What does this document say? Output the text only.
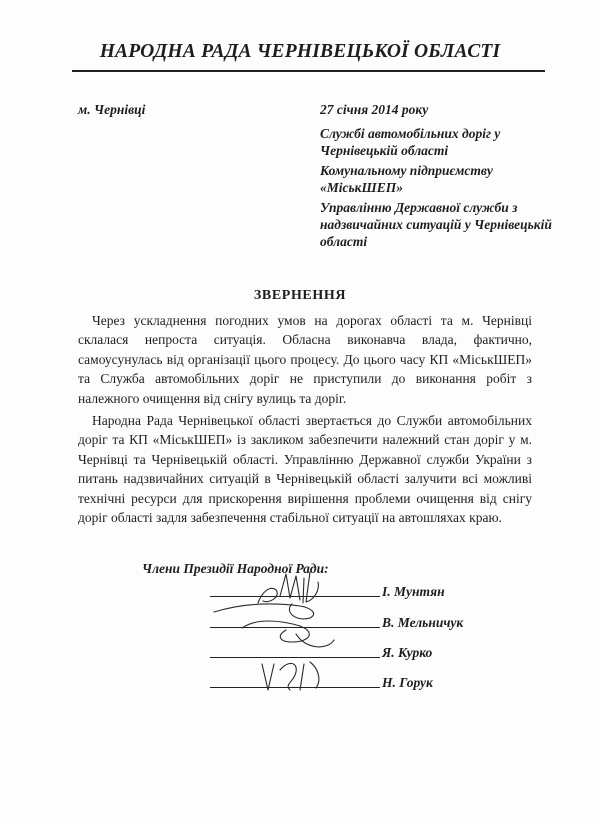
НАРОДНА РАДА ЧЕРНІВЕЦЬКОЇ ОБЛАСТІ
м. Чернівці	27 січня 2014 року
Службі автомобільних доріг у Чернівецькій області
Комунальному підприємству «МіськШЕП»
Управлінню Державної служби з надзвичайних ситуацій у Чернівецькій області
ЗВЕРНЕННЯ

Через ускладнення погодних умов на дорогах області та м. Чернівці склалася непроста ситуація. Обласна виконавча влада, фактично, самоусунулась від організації цього процесу. До цього часу КП «МіськШЕП» та Служба автомобільних доріг не приступили до виконання робіт з належного очищення від снігу вулиць та доріг.

Народна Рада Чернівецької області звертається до Служби автомобільних доріг та КП «МіськШЕП» із закликом забезпечити належний стан доріг у м. Чернівці та Чернівецькій області. Управлінню Державної служби України з питань надзвичайних ситуацій в Чернівецькій області залучити всі можливі технічні ресурси для прискорення вирішення проблеми очищення від снігу доріг області задля забезпечення стабільної ситуації на автошляхах краю.

Члени Президії Народної Ради:
І. Мунтян
В. Мельничук
Я. Курко
Н. Горук
